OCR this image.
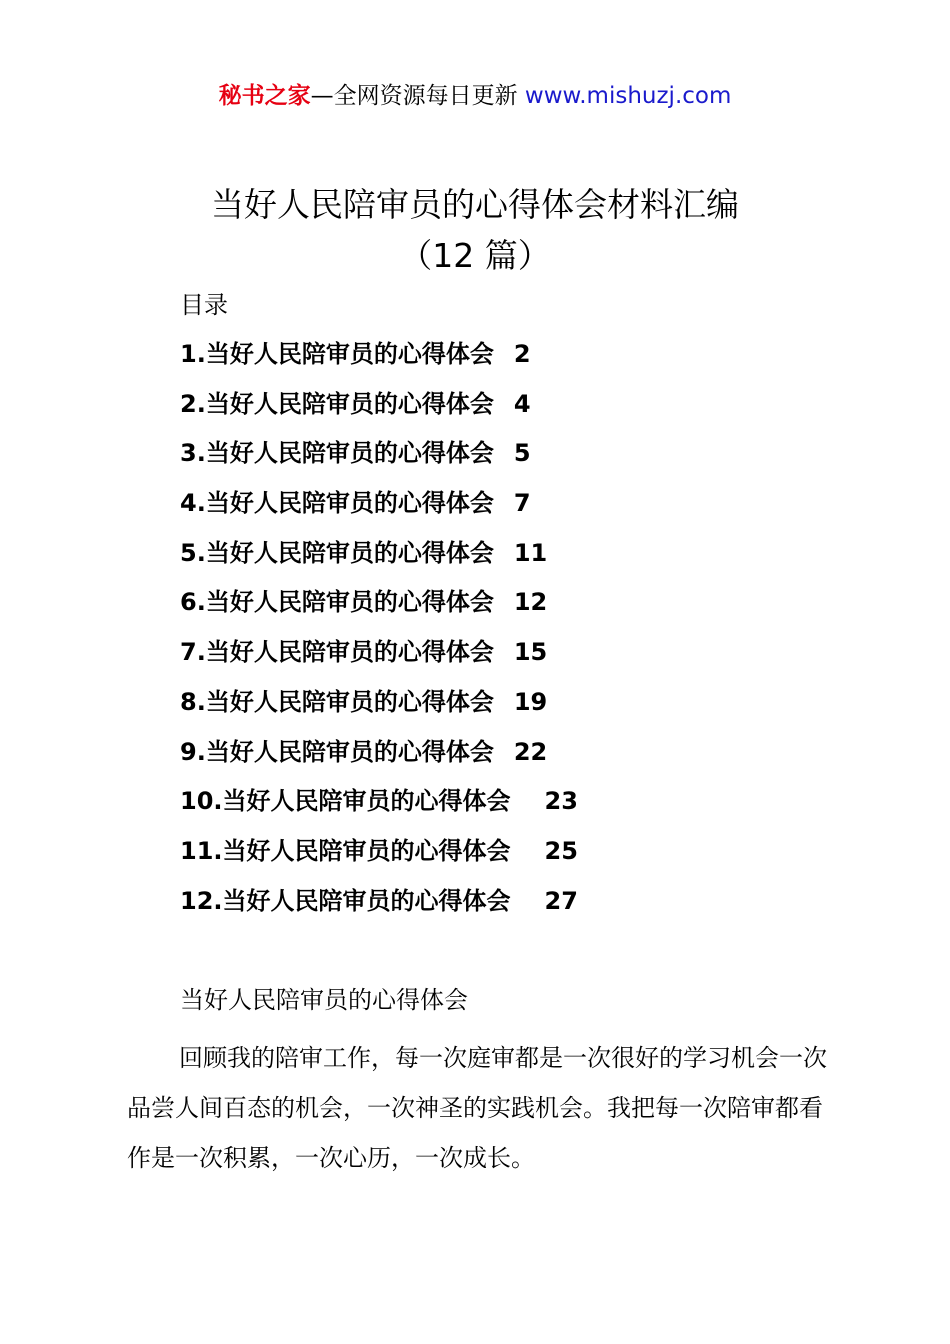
秘书之家—全网资源每日更新 www.mishuzj.com
当好人民陪审员的心得体会材料汇编
（12 篇）
目录
1.当好人民陪审员的心得体会 2
2.当好人民陪审员的心得体会 4
3.当好人民陪审员的心得体会 5
4.当好人民陪审员的心得体会 7
5.当好人民陪审员的心得体会 11
6.当好人民陪审员的心得体会 12
7.当好人民陪审员的心得体会 15
8.当好人民陪审员的心得体会 19
9.当好人民陪审员的心得体会 22
10.当好人民陪审员的心得体会 23
11.当好人民陪审员的心得体会 25
12.当好人民陪审员的心得体会 27
当好人民陪审员的心得体会

回顾我的陪审工作，每一次庭审都是一次很好的学习机会一次品尝人间百态的机会，一次神圣的实践机会。我把每一次陪审都看作是一次积累，一次心历，一次成长。
